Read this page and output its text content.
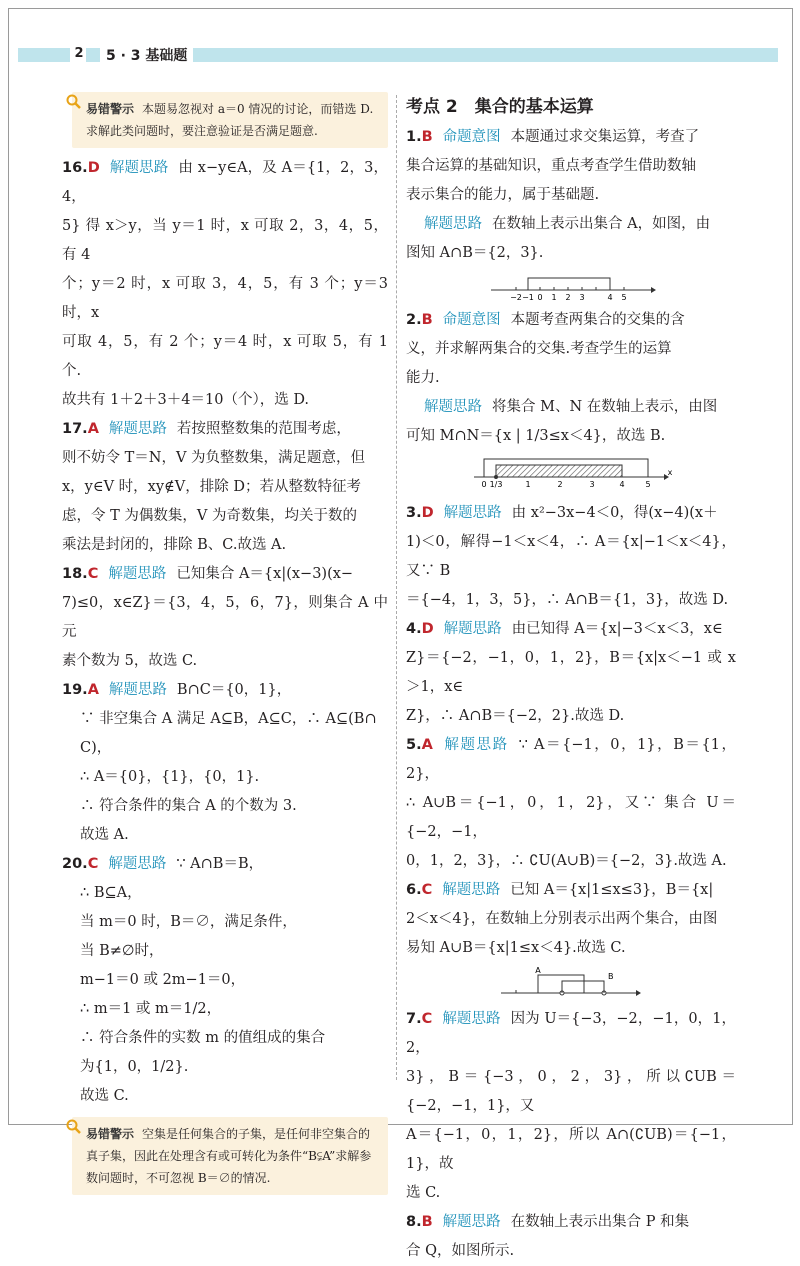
2	5 · 3 基础题
易错警示 本题易忽视对 a＝0 情况的讨论，而错选 D. 求解此类问题时，要注意验证是否满足题意.

16.D 解题思路 由 x−y∈A，及 A＝{1，2，3，4，

5} 得 x＞y，当 y＝1 时，x 可取 2，3，4，5，有 4

个；y＝2 时，x 可取 3，4，5，有 3 个；y＝3 时，x

可取 4，5，有 2 个；y＝4 时，x 可取 5，有 1 个.

故共有 1＋2＋3＋4＝10（个），选 D.

17.A 解题思路 若按照整数集的范围考虑，

则不妨令 T＝N，V 为负整数集，满足题意，但

x，y∈V 时，xy∉V，排除 D；若从整数特征考

虑，令 T 为偶数集，V 为奇数集，均关于数的

乘法是封闭的，排除 B、C.故选 A.

18.C 解题思路 已知集合 A＝{x|(x−3)(x−

7)≤0，x∈Z}＝{3，4，5，6，7}，则集合 A 中元

素个数为 5，故选 C.

19.A 解题思路 B∩C＝{0，1}，

∵ 非空集合 A 满足 A⊆B，A⊆C，∴ A⊆(B∩

C)，

∴ A＝{0}，{1}，{0，1}.

∴ 符合条件的集合 A 的个数为 3.

故选 A.

20.C 解题思路 ∵ A∩B＝B，

∴ B⊆A，

当 m＝0 时，B＝∅，满足条件，

当 B≠∅时，

m−1＝0 或 2m−1＝0，

∴ m＝1 或 m＝1/2，

∴ 符合条件的实数 m 的值组成的集合

为{1，0，1/2}.

故选 C.

易错警示 空集是任何集合的子集，是任何非空集合的真子集，因此在处理含有或可转化为条件“B⫋A”求解参数问题时，不可忽视 B＝∅的情况.
考点 2　集合的基本运算

1.B 命题意图 本题通过求交集运算，考查了

集合运算的基础知识，重点考查学生借助数轴

表示集合的能力，属于基础题.

解题思路 在数轴上表示出集合 A，如图，由

图知 A∩B＝{2，3}.

−2 −1 0 1 2 3	4 5

2.B 命题意图 本题考查两集合的交集的含

义，并求解两集合的交集.考查学生的运算

能力.

解题思路 将集合 M、N 在数轴上表示，由图

可知 M∩N＝{x | 1/3≤x＜4}，故选 B.

0 1/3	1	2	3	4	5
x

3.D 解题思路 由 x²−3x−4＜0，得(x−4)(x＋

1)＜0，解得−1＜x＜4，∴ A＝{x|−1＜x＜4}，又∵ B

＝{−4，1，3，5}，∴ A∩B＝{1，3}，故选 D.

4.D 解题思路 由已知得 A＝{x|−3＜x＜3，x∈

Z}＝{−2，−1，0，1，2}，B＝{x|x＜−1 或 x＞1，x∈

Z}，∴ A∩B＝{−2，2}.故选 D.

5.A 解题思路 ∵ A＝{−1，0，1}，B＝{1，2}，

∴ A∪B＝{−1，0，1，2}，又∵ 集合 U＝{−2，−1，

0，1，2，3}，∴ ∁U(A∪B)＝{−2，3}.故选 A.

6.C 解题思路 已知 A＝{x|1≤x≤3}，B＝{x|

2＜x＜4}，在数轴上分别表示出两个集合，由图

易知 A∪B＝{x|1≤x＜4}.故选 C.

A
B

7.C 解题思路 因为 U＝{−3，−2，−1，0，1，2，

3}，B＝{−3，0，2，3}，所以∁UB＝{−2，−1，1}，又

A＝{−1，0，1，2}，所以 A∩(∁UB)＝{−1，1}，故

选 C.

8.B 解题思路 在数轴上表示出集合 P 和集

合 Q，如图所示.
